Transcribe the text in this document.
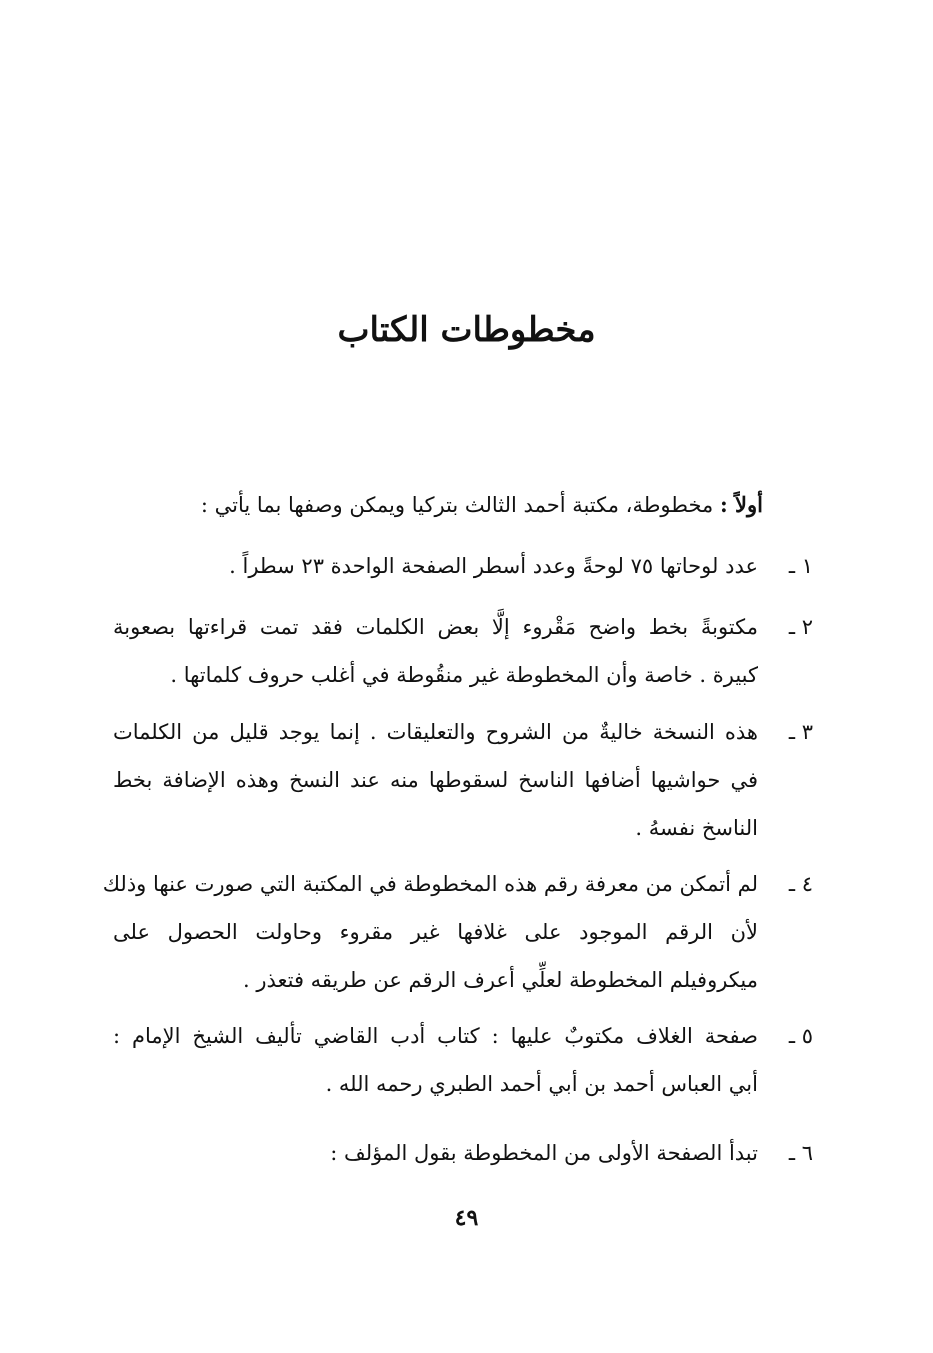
مخطوطات الكتاب
أولاً : مخطوطة، مكتبة أحمد الثالث بتركيا ويمكن وصفها بما يأتي :
١ ـ
عدد لوحاتها ٧٥ لوحةً وعدد أسطر الصفحة الواحدة ٢٣ سطراً .
٢ ـ
مكتوبةً بخط واضح مَقْروء إلَّا بعض الكلمات فقد تمت قراءتها بصعوبة
كبيرة . خاصة وأن المخطوطة غير منقُوطة في أغلب حروف كلماتها .
٣ ـ
هذه النسخة خاليةٌ من الشروح والتعليقات . إنما يوجد قليل من الكلمات
في حواشيها أضافها الناسخ لسقوطها منه عند النسخ وهذه الإضافة بخط
الناسخ نفسهُ .
٤ ـ
لم أتمكن من معرفة رقم هذه المخطوطة في المكتبة التي صورت عنها وذلك
لأن الرقم الموجود على غلافها غير مقروء وحاولت الحصول على
ميكروفيلم المخطوطة لعلِّي أعرف الرقم عن طريقه فتعذر .
٥ ـ
صفحة الغلاف مكتوبٌ عليها : كتاب أدب القاضي تأليف الشيخ الإمام :
أبي العباس أحمد بن أبي أحمد الطبري رحمه الله .
٦ ـ
تبدأ الصفحة الأولى من المخطوطة بقول المؤلف :
٤٩
